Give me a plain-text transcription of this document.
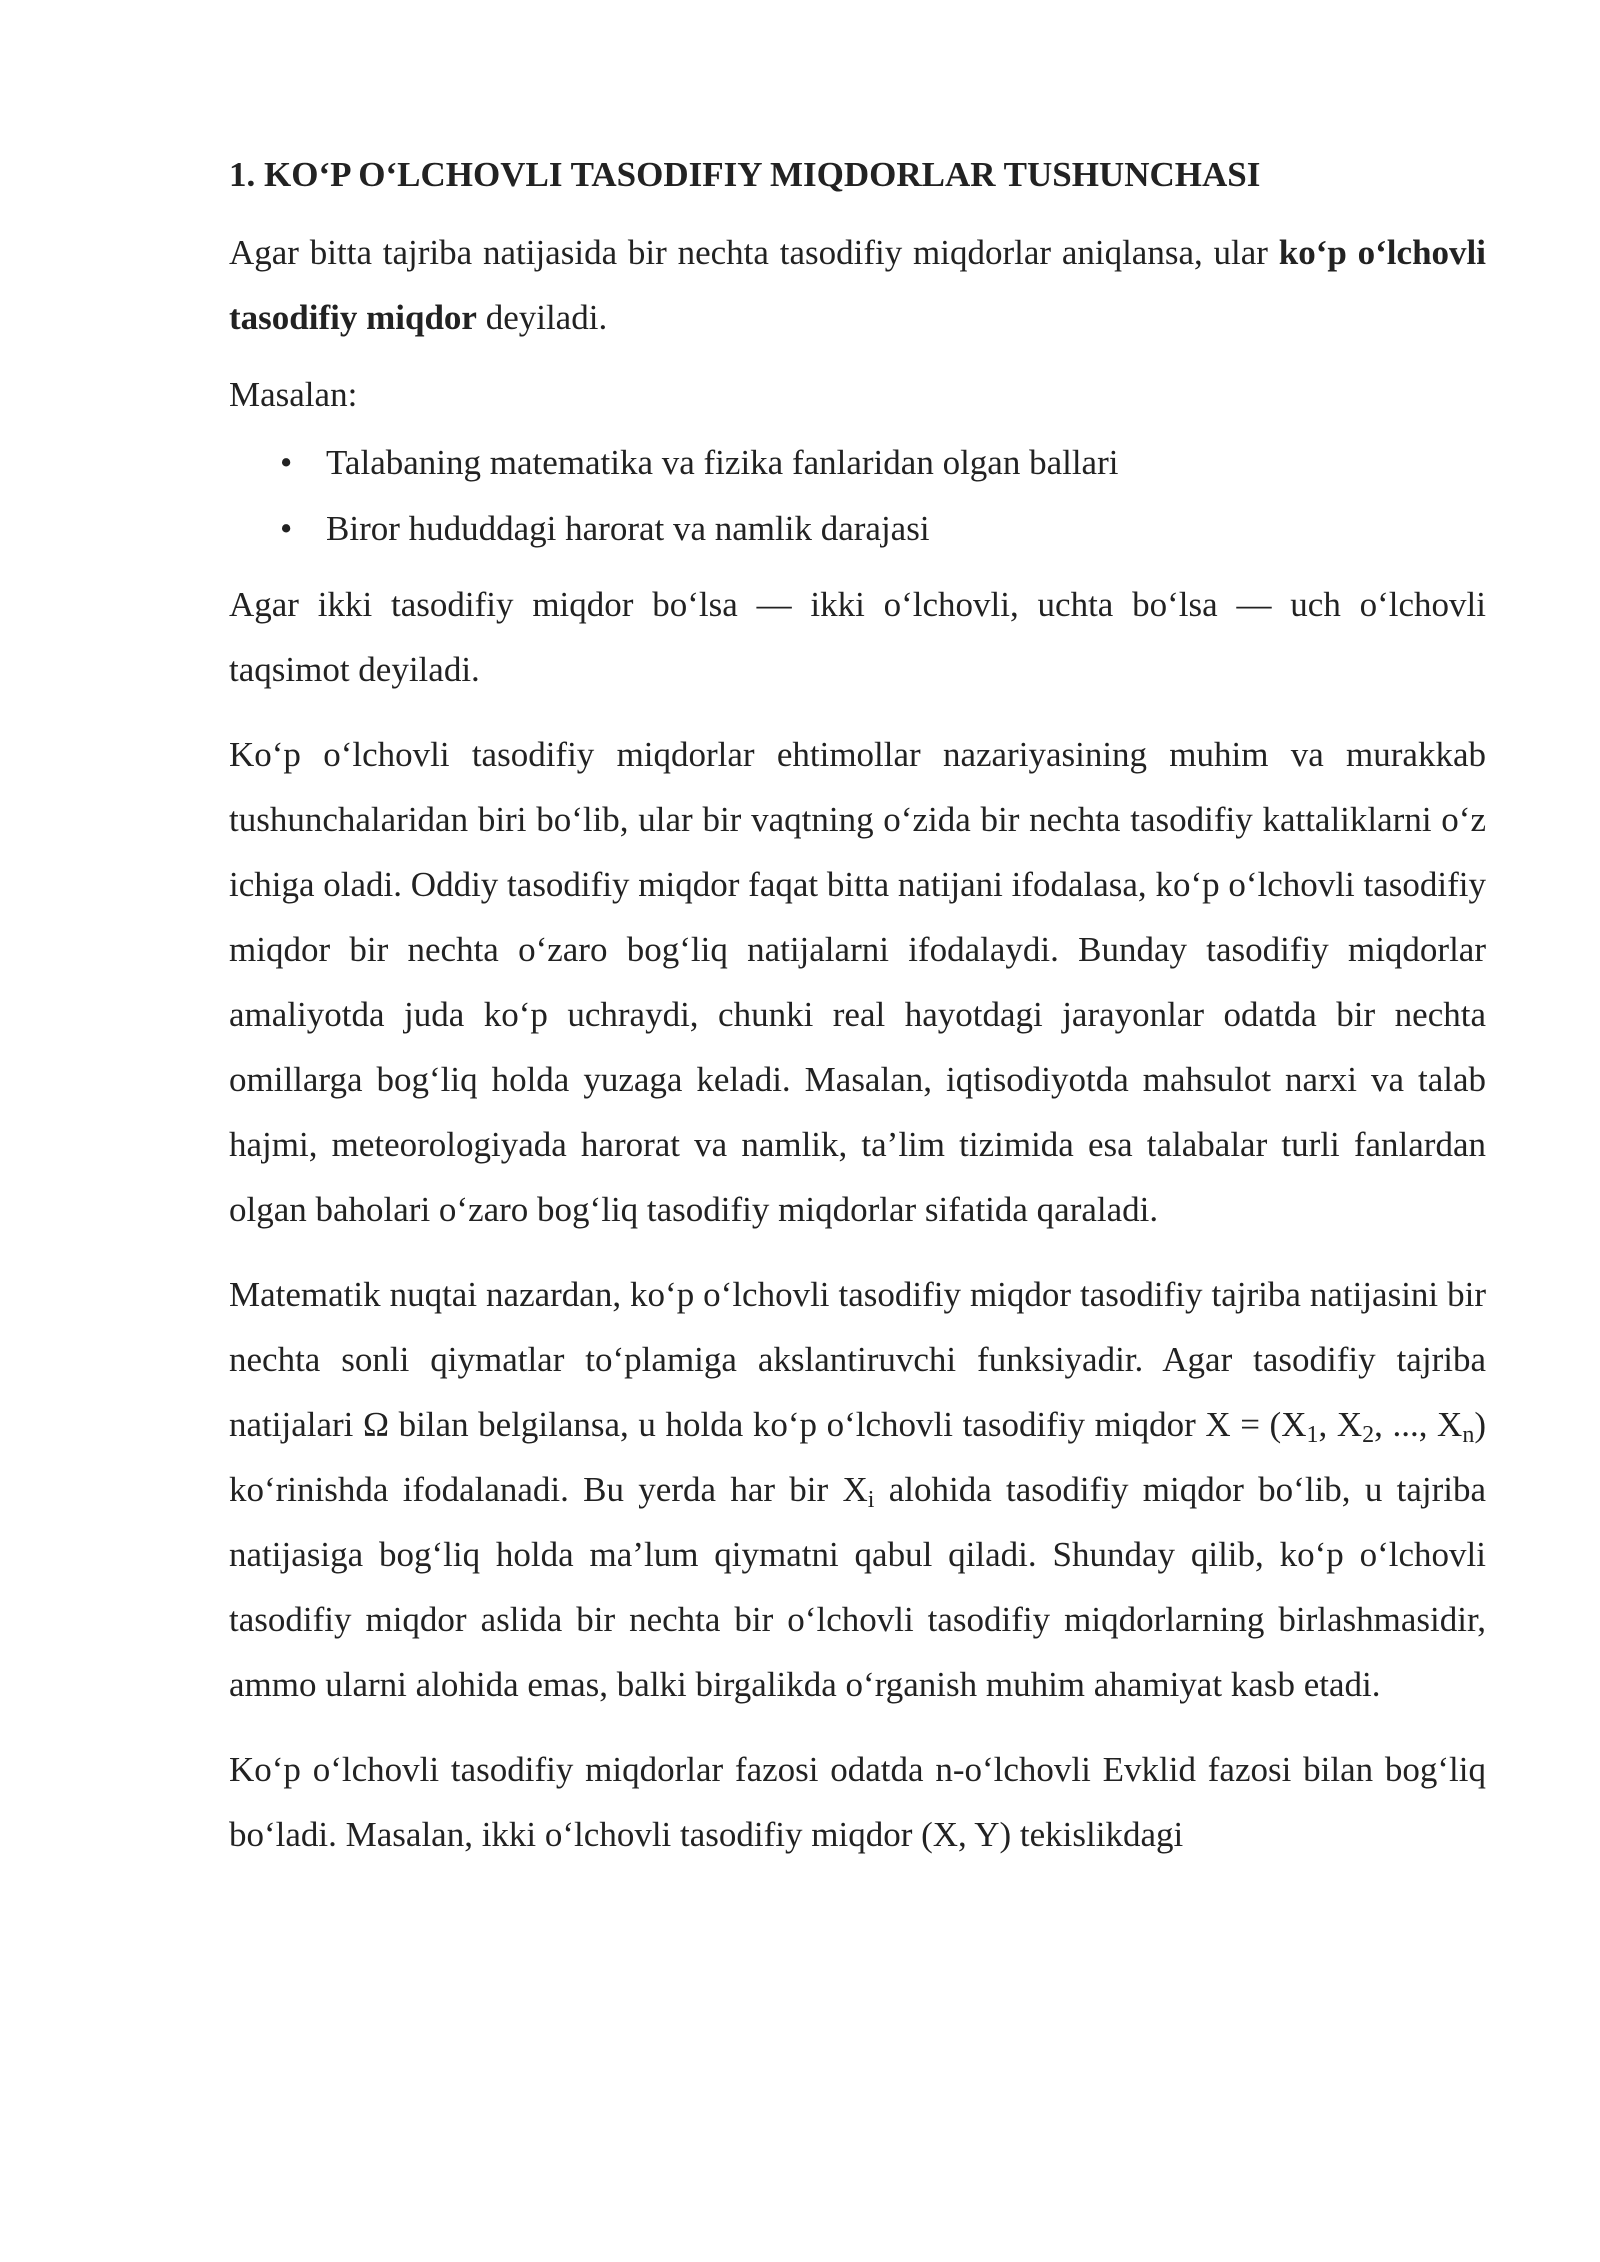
1. KO‘P O‘LCHOVLI TASODIFIY MIQDORLAR TUSHUNCHASI

Agar bitta tajriba natijasida bir nechta tasodifiy miqdorlar aniqlansa, ular ko‘p o‘lchovli tasodifiy miqdor deyiladi.

Masalan:

• Talabaning matematika va fizika fanlaridan olgan ballari
• Biror hududdagi harorat va namlik darajasi

Agar ikki tasodifiy miqdor bo‘lsa — ikki o‘lchovli, uchta bo‘lsa — uch o‘lchovli taqsimot deyiladi.

Ko‘p o‘lchovli tasodifiy miqdorlar ehtimollar nazariyasining muhim va murakkab tushunchalaridan biri bo‘lib, ular bir vaqtning o‘zida bir nechta tasodifiy kattaliklarni o‘z ichiga oladi. Oddiy tasodifiy miqdor faqat bitta natijani ifodalasa, ko‘p o‘lchovli tasodifiy miqdor bir nechta o‘zaro bog‘liq natijalarni ifodalaydi. Bunday tasodifiy miqdorlar amaliyotda juda ko‘p uchraydi, chunki real hayotdagi jarayonlar odatda bir nechta omillarga bog‘liq holda yuzaga keladi. Masalan, iqtisodiyotda mahsulot narxi va talab hajmi, meteorologiyada harorat va namlik, ta’lim tizimida esa talabalar turli fanlardan olgan baholari o‘zaro bog‘liq tasodifiy miqdorlar sifatida qaraladi.

Matematik nuqtai nazardan, ko‘p o‘lchovli tasodifiy miqdor tasodifiy tajriba natijasini bir nechta sonli qiymatlar to‘plamiga akslantiruvchi funksiyadir. Agar tasodifiy tajriba natijalari Ω bilan belgilansa, u holda ko‘p o‘lchovli tasodifiy miqdor $X = (X_1$, $X_2$, ..., $X_n$) ko‘rinishda ifodalanadi. Bu yerda har bir $X_i$ alohida tasodifiy miqdor bo‘lib, u tajriba natijasiga bog‘liq holda ma’lum qiymatni qabul qiladi. Shunday qilib, ko‘p o‘lchovli tasodifiy miqdor aslida bir nechta bir o‘lchovli tasodifiy miqdorlarning birlashmasidir, ammo ularni alohida emas, balki birgalikda o‘rganish muhim ahamiyat kasb etadi.

Ko‘p o‘lchovli tasodifiy miqdorlar fazosi odatda n-o‘lchovli Evklid fazosi bilan bog‘liq bo‘ladi. Masalan, ikki o‘lchovli tasodifiy miqdor (X, Y) tekislikdagi
